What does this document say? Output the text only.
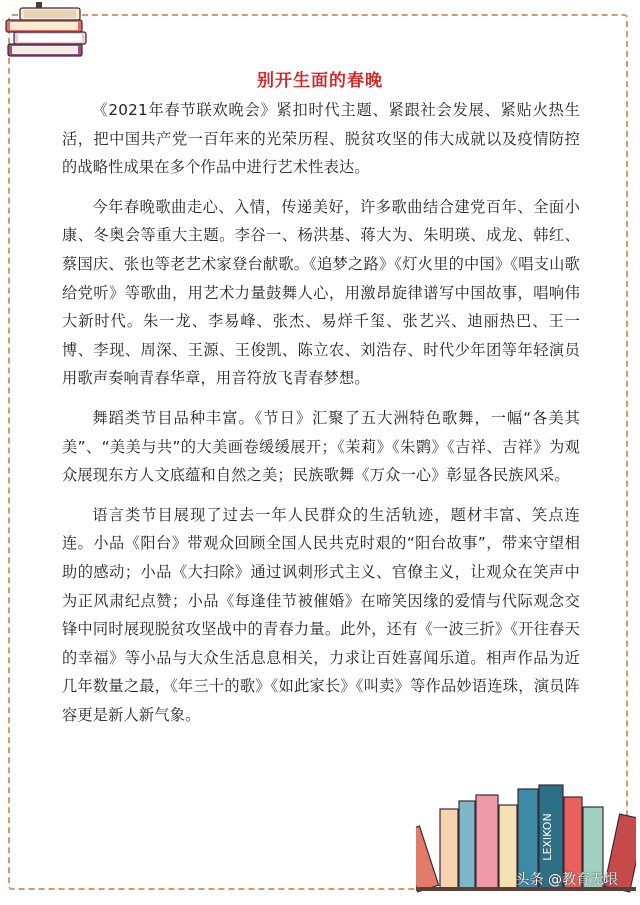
别开生面的春晚

《2021年春节联欢晚会》紧扣时代主题、紧跟社会发展、紧贴火热生活，把中国共产党一百年来的光荣历程、脱贫攻坚的伟大成就以及疫情防控的战略性成果在多个作品中进行艺术性表达。

今年春晚歌曲走心、入情，传递美好，许多歌曲结合建党百年、全面小康、冬奥会等重大主题。李谷一、杨洪基、蒋大为、朱明瑛、成龙、韩红、蔡国庆、张也等老艺术家登台献歌。《追梦之路》《灯火里的中国》《唱支山歌给党听》等歌曲，用艺术力量鼓舞人心，用激昂旋律谱写中国故事，唱响伟大新时代。朱一龙、李易峰、张杰、易烊千玺、张艺兴、迪丽热巴、王一博、李现、周深、王源、王俊凯、陈立农、刘浩存、时代少年团等年轻演员用歌声奏响青春华章，用音符放飞青春梦想。

舞蹈类节目品种丰富。《节日》汇聚了五大洲特色歌舞，一幅“各美其美”、“美美与共”的大美画卷缓缓展开；《茉莉》《朱鹮》《吉祥、吉祥》为观众展现东方人文底蕴和自然之美；民族歌舞《万众一心》彰显各民族风采。

语言类节目展现了过去一年人民群众的生活轨迹，题材丰富、笑点连连。小品《阳台》带观众回顾全国人民共克时艰的“阳台故事”，带来守望相助的感动；小品《大扫除》通过讽刺形式主义、官僚主义，让观众在笑声中为正风肃纪点赞；小品《每逢佳节被催婚》在啼笑因缘的爱情与代际观念交锋中同时展现脱贫攻坚战中的青春力量。此外，还有《一波三折》《开往春天的幸福》等小品与大众生活息息相关，力求让百姓喜闻乐道。相声作品为近几年数量之最，《年三十的歌》《如此家长》《叫卖》等作品妙语连珠，演员阵容更是新人新气象。

LEXIKON
头条 @教育无垠
